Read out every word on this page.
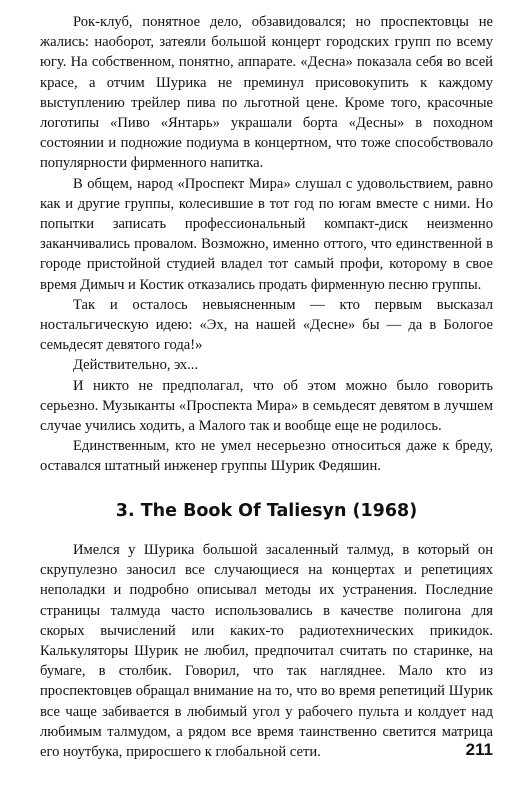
Рок-клуб, понятное дело, обзавидовался; но проспектовцы не жались: наоборот, затеяли большой концерт городских групп по всему югу. На собственном, понятно, аппарате. «Десна» показала себя во всей красе, а отчим Шурика не преминул присовокупить к каждому выступлению трейлер пива по льготной цене. Кроме того, красочные логотипы «Пиво «Янтарь» украшали борта «Десны» в походном состоянии и подножие подиума в концертном, что тоже способствовало популярности фирменного напитка.

В общем, народ «Проспект Мира» слушал с удовольствием, равно как и другие группы, колесившие в тот год по югам вместе с ними. Но попытки записать профессиональный компакт-диск неизменно заканчивались провалом. Возможно, именно оттого, что единственной в городе пристойной студией владел тот самый профи, которому в свое время Димыч и Костик отказались продать фирменную песню группы.

Так и осталось невыясненным — кто первым высказал ностальгическую идею: «Эх, на нашей «Десне» бы — да в Бологое семьдесят девятого года!»

Действительно, эх...

И никто не предполагал, что об этом можно было говорить серьезно. Музыканты «Проспекта Мира» в семьдесят девятом в лучшем случае учились ходить, а Малого так и вообще еще не родилось.

Единственным, кто не умел несерьезно относиться даже к бреду, оставался штатный инженер группы Шурик Федяшин.

3. The Book Of Taliesyn (1968)

Имелся у Шурика большой засаленный талмуд, в который он скрупулезно заносил все случающиеся на концертах и репетициях неполадки и подробно описывал методы их устранения. Последние страницы талмуда часто использовались в качестве полигона для скорых вычислений или каких-то радиотехнических прикидок. Калькуляторы Шурик не любил, предпочитал считать по старинке, на бумаге, в столбик. Говорил, что так нагляднее. Мало кто из проспектовцев обращал внимание на то, что во время репетиций Шурик все чаще забивается в любимый угол у рабочего пульта и колдует над любимым талмудом, а рядом все время таинственно светится матрица его ноутбука, приросшего к глобальной сети.	211
